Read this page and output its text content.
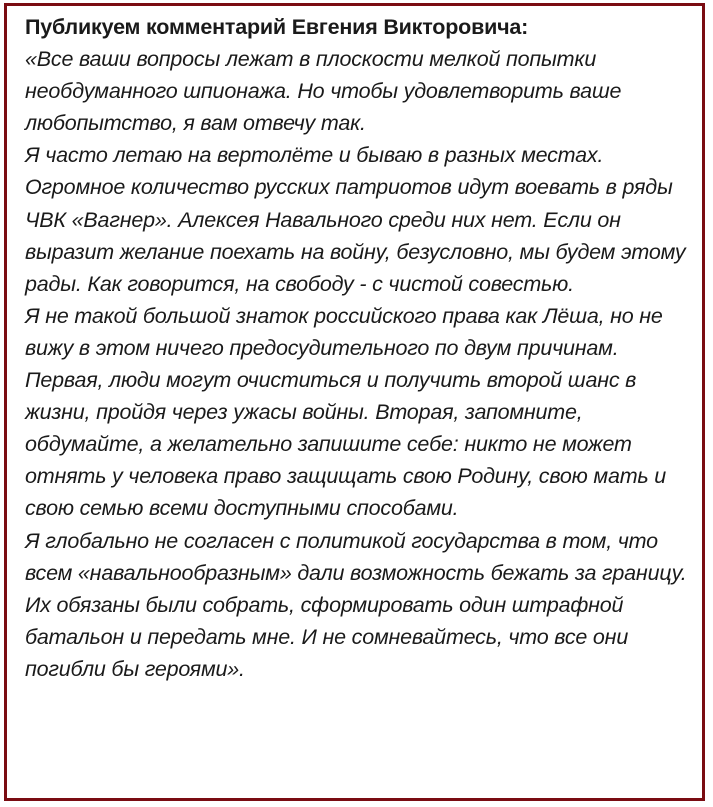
Публикуем комментарий Евгения Викторовича:

«Все ваши вопросы лежат в плоскости мелкой попытки необдуманного шпионажа. Но чтобы удовлетворить ваше любопытство, я вам отвечу так.

Я часто летаю на вертолёте и бываю в разных местах. Огромное количество русских патриотов идут воевать в ряды ЧВК «Вагнер». Алексея Навального среди них нет. Если он выразит желание поехать на войну, безусловно, мы будем этому рады. Как говорится, на свободу - с чистой совестью.

Я не такой большой знаток российского права как Лёша, но не вижу в этом ничего предосудительного по двум причинам. Первая, люди могут очиститься и получить второй шанс в жизни, пройдя через ужасы войны. Вторая, запомните, обдумайте, а желательно запишите себе: никто не может отнять у человека право защищать свою Родину, свою мать и свою семью всеми доступными способами.

Я глобально не согласен с политикой государства в том, что всем «навальнообразным» дали возможность бежать за границу. Их обязаны были собрать, сформировать один штрафной батальон и передать мне. И не сомневайтесь, что все они погибли бы героями».
